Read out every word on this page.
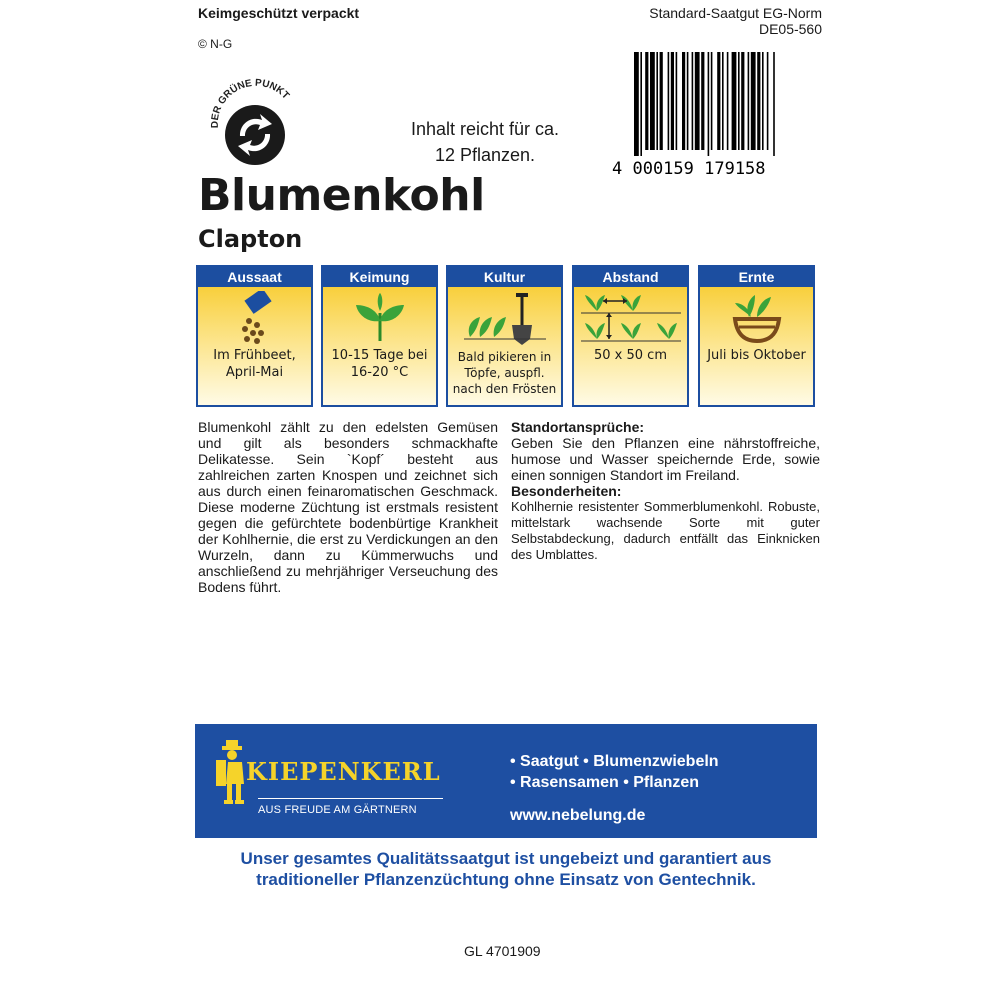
Keimgeschützt verpackt
© N-G
Standard-Saatgut EG-Norm
DE05-560
DER GRÜNE PUNKT
Inhalt reicht für ca.
12 Pflanzen.
4 000159 179158
Blumenkohl
Clapton
Aussaat
Im Frühbeet, April-Mai
Keimung
10-15 Tage bei 16-20 °C
Kultur
Bald pikieren in Töpfe, auspfl. nach den Frösten
Abstand
50 x 50 cm
Ernte
Juli bis Oktober
Blumenkohl zählt zu den edelsten Gemüsen und gilt als besonders schmackhafte Delikatesse. Sein `Kopf´ besteht aus zahlreichen zarten Knospen und zeichnet sich aus durch einen feinaromatischen Geschmack. Diese moderne Züchtung ist erstmals resistent gegen die gefürchtete bodenbürtige Krankheit der Kohlhernie, die erst zu Verdickungen an den Wurzeln, dann zu Kümmerwuchs und anschließend zu mehrjähriger Verseuchung des Bodens führt.
Standortansprüche:
Geben Sie den Pflanzen eine nährstoffreiche, humose und Wasser speichernde Erde, sowie einen sonnigen Standort im Freiland.
Besonderheiten:
Kohlhernie resistenter Sommerblumenkohl. Robuste, mittelstark wachsende Sorte mit guter Selbstabdeckung, dadurch entfällt das Einknicken des Umblattes.
KIEPENKERL
AUS FREUDE AM GÄRTNERN
• Saatgut • Blumenzwiebeln
• Rasensamen • Pflanzen
www.nebelung.de
Unser gesamtes Qualitätssaatgut ist ungebeizt und garantiert aus
traditioneller Pflanzenzüchtung ohne Einsatz von Gentechnik.
GL 4701909
